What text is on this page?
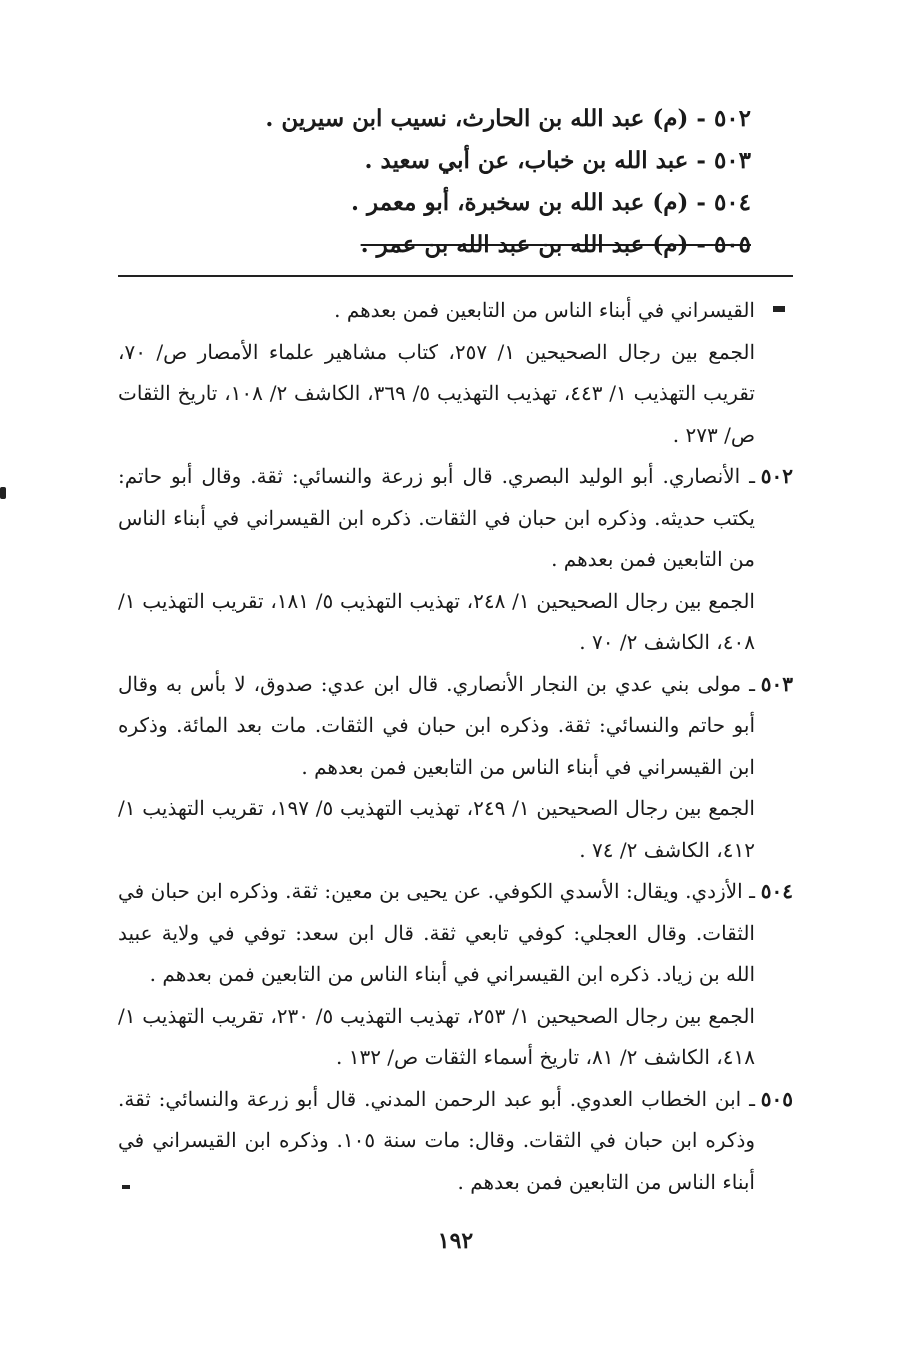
٥٠٢ - (م) عبد الله بن الحارث، نسيب ابن سيرين .
٥٠٣ - عبد الله بن خباب، عن أبي سعيد .
٥٠٤ - (م) عبد الله بن سخبرة، أبو معمر .
٥٠٥ - (م) عبد الله بن عبد الله بن عمر .

القيسراني في أبناء الناس من التابعين فمن بعدهم .

الجمع بين رجال الصحيحين ١/ ٢٥٧، كتاب مشاهير علماء الأمصار ص/ ٧٠، تقريب التهذيب ١/ ٤٤٣، تهذيب التهذيب ٥/ ٣٦٩، الكاشف ٢/ ١٠٨، تاريخ الثقات ص/ ٢٧٣ .

٥٠٢

ـ الأنصاري. أبو الوليد البصري. قال أبو زرعة والنسائي: ثقة. وقال أبو حاتم: يكتب حديثه. وذكره ابن حبان في الثقات. ذكره ابن القيسراني في أبناء الناس من التابعين فمن بعدهم .

الجمع بين رجال الصحيحين ١/ ٢٤٨، تهذيب التهذيب ٥/ ١٨١، تقريب التهذيب ١/ ٤٠٨، الكاشف ٢/ ٧٠ .

٥٠٣

ـ مولى بني عدي بن النجار الأنصاري. قال ابن عدي: صدوق، لا بأس به وقال أبو حاتم والنسائي: ثقة. وذكره ابن حبان في الثقات. مات بعد المائة. وذكره ابن القيسراني في أبناء الناس من التابعين فمن بعدهم .

الجمع بين رجال الصحيحين ١/ ٢٤٩، تهذيب التهذيب ٥/ ١٩٧، تقريب التهذيب ١/ ٤١٢، الكاشف ٢/ ٧٤ .

٥٠٤

ـ الأزدي. ويقال: الأسدي الكوفي. عن يحيى بن معين: ثقة. وذكره ابن حبان في الثقات. وقال العجلي: كوفي تابعي ثقة. قال ابن سعد: توفي في ولاية عبيد الله بن زياد. ذكره ابن القيسراني في أبناء الناس من التابعين فمن بعدهم .

الجمع بين رجال الصحيحين ١/ ٢٥٣، تهذيب التهذيب ٥/ ٢٣٠، تقريب التهذيب ١/ ٤١٨، الكاشف ٢/ ٨١، تاريخ أسماء الثقات ص/ ١٣٢ .

٥٠٥

ـ ابن الخطاب العدوي. أبو عبد الرحمن المدني. قال أبو زرعة والنسائي: ثقة. وذكره ابن حبان في الثقات. وقال: مات سنة ١٠٥. وذكره ابن القيسراني في أبناء الناس من التابعين فمن بعدهم .

١٩٢
